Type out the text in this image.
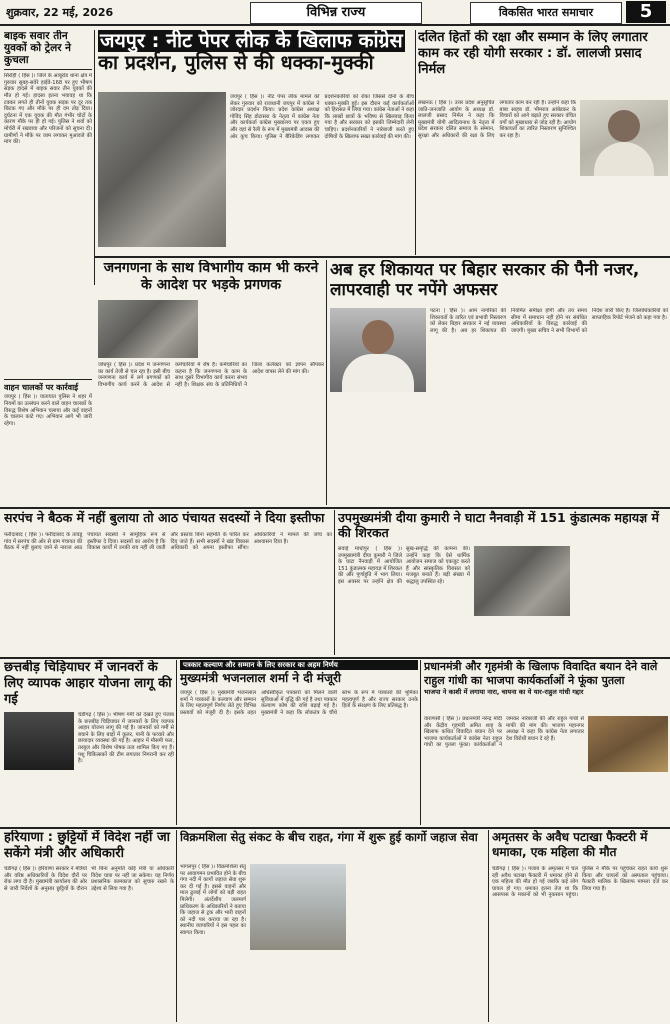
शुक्रवार, 22 मई, 2026	विभिन्न राज्य	विकसित भारत समाचार	5
बाइक सवार तीन युवकों को ट्रेलर ने कुचला
सिरोही ( हिंस )। जिले के आबूरोड थाना क्षेत्र में गुरुवार सुबह-सवेरे हाईवे-168 पर हुए भीषण सड़क हादसे में बाइक सवार तीन युवकों की मौत हो गई। हादसा इतना भयावह था कि टक्कर लगते ही तीनों युवक सड़क पर दूर तक छिटक गए और मौके पर ही दम तोड़ दिया। दुर्घटना में एक युवक की मौत गंभीर चोटों के कारण मौके पर ही हो गई। पुलिस ने शवों को मोर्चरी में रखवाया और परिजनों को सूचना दी। ग्रामीणों ने मौके पर जाम लगाकर मुआवजे की मांग की।
वाहन चालकों पर कार्रवाई
जयपुर ( हिंस )। यातायात पुलिस ने शहर में नियमों का उल्लंघन करने वाले वाहन चालकों के विरुद्ध विशेष अभियान चलाया और कई वाहनों के चालान काटे गए। अभियान आगे भी जारी रहेगा।
जयपुर : नीट पेपर लीक के खिलाफ कांग्रेस
का प्रदर्शन, पुलिस से की धक्का-मुक्की
जयपुर ( हिंस )। नीट पेपर लीक मामले को लेकर गुरुवार को राजधानी जयपुर में कांग्रेस ने जोरदार प्रदर्शन किया। प्रदेश कांग्रेस अध्यक्ष गोविंद सिंह डोटासरा के नेतृत्व में कांग्रेस नेता और कार्यकर्ता कांग्रेस मुख्यालय पर एकत्र हुए और वहां से रैली के रूप में मुख्यमंत्री आवास की ओर कूच किया। पुलिस ने बैरिकेडिंग लगाकर प्रदर्शनकारियों को रोका जिससे दोनों के बीच धक्का-मुक्की हुई। इस दौरान कई कार्यकर्ताओं को हिरासत में लिया गया। कांग्रेस नेताओं ने कहा कि लाखों छात्रों के भविष्य से खिलवाड़ किया गया है और सरकार को इसकी जिम्मेदारी लेनी चाहिए। प्रदर्शनकारियों ने नारेबाजी करते हुए दोषियों के खिलाफ सख्त कार्रवाई की मांग की।
दलित हितों की रक्षा और सम्मान के लिए लगातार काम कर रही योगी सरकार : डॉ. लालजी प्रसाद निर्मल
लखनऊ ( हिंस )। उत्तर प्रदेश अनुसूचित जाति-जनजाति आयोग के अध्यक्ष डॉ. लालजी प्रसाद निर्मल ने कहा कि मुख्यमंत्री योगी आदित्यनाथ के नेतृत्व में प्रदेश सरकार दलित समाज के सम्मान, सुरक्षा और अधिकारों की रक्षा के लिए लगातार काम कर रही है। उन्होंने कहा कि बाबा साहब डॉ. भीमराव आंबेडकर के विचारों को आगे बढ़ाते हुए सरकार वंचित वर्गों को मुख्यधारा से जोड़ रही है। आयोग शिकायतों का त्वरित निस्तारण सुनिश्चित कर रहा है।
जनगणना के साथ विभागीय काम भी करने के आदेश पर भड़के प्रगणक
जोधपुर ( हिंस )। प्रदेश में जनगणना का कार्य तेजी से चल रहा है। इसी बीच जनगणना कार्य में लगे प्रगणकों को विभागीय कार्य करने के आदेश से कर्मचारियों में रोष है। कर्मचारियों का कहना है कि जनगणना के काम के साथ दूसरे विभागीय कार्य करना संभव नहीं है। शिक्षक संघ के प्रतिनिधियों ने जिला कलेक्टर को ज्ञापन सौंपकर आदेश वापस लेने की मांग की।
अब हर शिकायत पर बिहार सरकार की पैनी नजर, लापरवाही पर नपेंगे अफसर
पटना ( हिंस )। आम नागरिकों की शिकायतों के त्वरित एवं प्रभावी निस्तारण को लेकर बिहार सरकार ने नई व्यवस्था लागू की है। अब हर शिकायत की नियमित समीक्षा होगी और तय समय सीमा में समाधान नहीं होने पर संबंधित अधिकारियों के विरुद्ध कार्रवाई की जाएगी। मुख्य सचिव ने सभी विभागों को निर्देश जारी किए हैं। जिलाधिकारियों को साप्ताहिक रिपोर्ट भेजने को कहा गया है।
सरपंच ने बैठक में नहीं बुलाया तो आठ पंचायत सदस्यों ने दिया इस्तीफा
फरीदाबाद ( हिंस )। फरीदाबाद के तावडू गांव में सरपंच की ओर से ग्राम पंचायत की बैठक में नहीं बुलाए जाने से नाराज आठ पंचायत सदस्यों ने सामूहिक रूप से इस्तीफा दे दिया। सदस्यों का आरोप है कि विकास कार्यों में उनकी राय नहीं ली जाती और प्रस्ताव बिना सहमति के पारित कर दिए जाते हैं। सभी सदस्यों ने खंड विकास अधिकारी को अपना इस्तीफा सौंपा। अधिकारियों ने मामले की जांच का आश्वासन दिया है।
उपमुख्यमंत्री दीया कुमारी ने घाटा नैनवाड़ी में 151 कुंडात्मक महायज्ञ में की शिरकत
सवाई माधोपुर ( हिंस )। उपमुख्यमंत्री दीया कुमारी ने जिले के घाटा नैनवाड़ी में आयोजित 151 कुंडात्मक महायज्ञ में शिरकत की और पूर्णाहुति में भाग लिया। इस अवसर पर उन्होंने क्षेत्र की सुख-समृद्धि की कामना की। उन्होंने कहा कि ऐसे धार्मिक आयोजन समाज को एकजुट करते हैं और सांस्कृतिक विरासत को मजबूत बनाते हैं। बड़ी संख्या में श्रद्धालु उपस्थित रहे।
छत्तबीड़ चिड़ियाघर में जानवरों के लिए व्यापक आहार योजना लागू की गई
चंडीगढ़ ( हिंस )। भीषण गर्मी को देखते हुए पंजाब के छत्तबीड़ चिड़ियाघर में जानवरों के लिए व्यापक आहार योजना लागू की गई है। जानवरों को गर्मी से बचाने के लिए बाड़ों में कूलर, पानी के फव्वारे और छायादार व्यवस्था की गई है। आहार में मौसमी फल, तरबूज और विशेष पोषक तत्व शामिल किए गए हैं। पशु चिकित्सकों की टीम लगातार निगरानी कर रही है।
पत्रकार कल्याण और सम्मान के लिए सरकार का अहम निर्णय
मुख्यमंत्री भजनलाल शर्मा ने दी मंजूरी
जयपुर ( हिंस )। मुख्यमंत्री भजनलाल शर्मा ने पत्रकारों के कल्याण और सम्मान के लिए महत्वपूर्ण निर्णय लेते हुए विभिन्न प्रस्तावों को मंजूरी दी है। इसके तहत अधिस्वीकृत पत्रकारों को मिलने वाली सुविधाओं में वृद्धि की गई है तथा पत्रकार कल्याण कोष की राशि बढ़ाई गई है। मुख्यमंत्री ने कहा कि लोकतंत्र के चौथे स्तंभ के रूप में पत्रकारों की भूमिका महत्वपूर्ण है और राज्य सरकार उनके हितों के संरक्षण के लिए प्रतिबद्ध है।
प्रधानमंत्री और गृहमंत्री के खिलाफ विवादित बयान देने वाले राहुल गांधी का भाजपा कार्यकर्ताओं ने फूंका पुतला
भाजपा ने काशी में लगाया नारा, चायना का ये यार-राहुल गांधी गद्दार
वाराणसी ( हिंस )। प्रधानमंत्री नरेन्द्र मोदी और केंद्रीय गृहमंत्री अमित शाह के खिलाफ कथित विवादित बयान देने पर भाजपा कार्यकर्ताओं ने कांग्रेस नेता राहुल गांधी का पुतला फूंका। कार्यकर्ताओं ने जमकर नारेबाजी की और राहुल गांधी से माफी की मांग की। भाजपा महानगर अध्यक्ष ने कहा कि कांग्रेस नेता लगातार देश विरोधी बयान दे रहे हैं।
हरियाणा : छुट्टियों में विदेश नहीं जा सकेंगे मंत्री और अधिकारी
चंडीगढ़ ( हिंस )। हरियाणा सरकार ने मंत्रियों और वरिष्ठ अधिकारियों के विदेश दौरों पर रोक लगा दी है। मुख्यमंत्री कार्यालय की ओर से जारी निर्देशों के अनुसार छुट्टियों के दौरान भी बिना अनुमति कोई मंत्री या अधिकारी विदेश यात्रा पर नहीं जा सकेगा। यह निर्णय प्रशासनिक कामकाज को सुचारु रखने के उद्देश्य से लिया गया है।
विक्रमशिला सेतु संकट के बीच राहत, गंगा में शुरू हुई कार्गो जहाज सेवा
भागलपुर ( हिंस )। विक्रमशिला सेतु पर आवागमन प्रभावित होने के बीच गंगा नदी में कार्गो जहाज सेवा शुरू कर दी गई है। इससे वाहनों और माल ढुलाई में लोगों को बड़ी राहत मिलेगी। अंतर्देशीय जलमार्ग प्राधिकरण के अधिकारियों ने बताया कि जहाज से ट्रक और भारी वाहनों को नदी पार कराया जा रहा है। स्थानीय व्यापारियों ने इस पहल का स्वागत किया।
अमृतसर के अवैध पटाखा फैक्टरी में धमाका, एक महिला की मौत
चंडीगढ़ ( हिंस )। पंजाब के अमृतसर में चल रही अवैध पटाखा फैक्टरी में धमाका होने से एक महिला की मौत हो गई जबकि कई लोग घायल हो गए। धमाका इतना तेज था कि आसपास के मकानों को भी नुकसान पहुंचा। पुलिस ने मौके पर पहुंचकर राहत कार्य शुरू किया और घायलों को अस्पताल पहुंचाया। फैक्टरी मालिक के खिलाफ मामला दर्ज कर लिया गया है।
